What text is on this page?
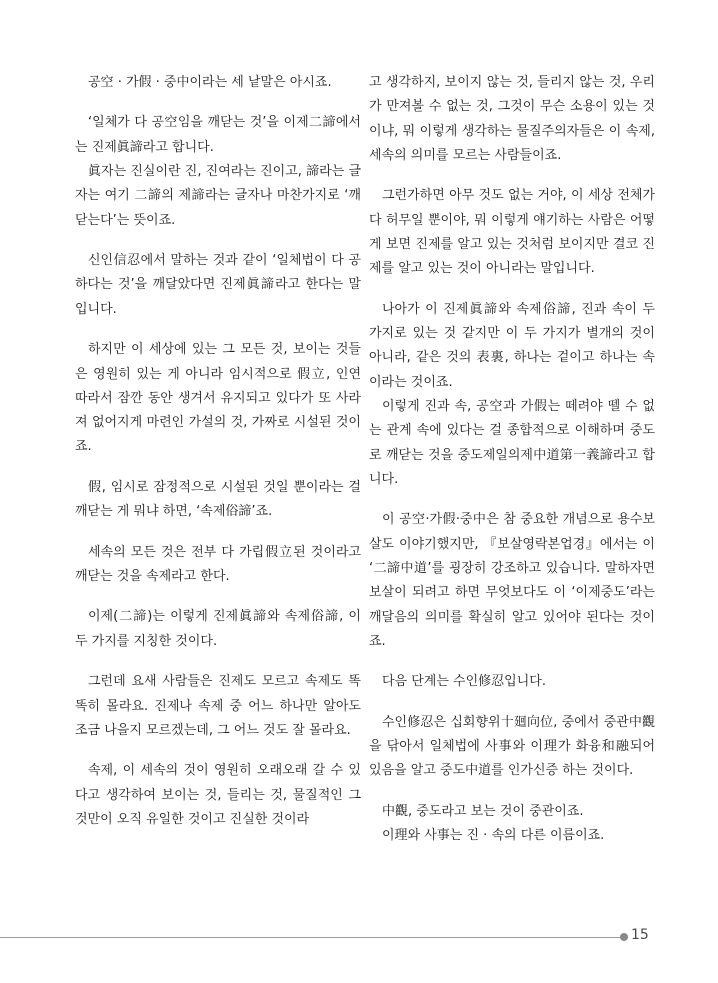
공空 · 가假 · 중中이라는 세 낱말은 아시죠.

‘일체가 다 공空임을 깨닫는 것’을 이제二諦에서는 진제眞諦라고 합니다.

眞자는 진실이란 진, 진여라는 진이고, 諦라는 글자는 여기 二諦의 제諦라는 글자나 마찬가지로 ‘깨닫는다’는 뜻이죠.

신인信忍에서 말하는 것과 같이 ‘일체법이 다 공하다는 것’을 깨달았다면 진제眞諦라고 한다는 말입니다.

하지만 이 세상에 있는 그 모든 것, 보이는 것들은 영원히 있는 게 아니라 임시적으로 假立, 인연 따라서 잠깐 동안 생겨서 유지되고 있다가 또 사라져 없어지게 마련인 가설의 것, 가짜로 시설된 것이죠.

假, 임시로 잠정적으로 시설된 것일 뿐이라는 걸 깨닫는 게 뭐냐 하면, ‘속제俗諦’죠.

세속의 모든 것은 전부 다 가립假立된 것이라고 깨닫는 것을 속제라고 한다.

이제(二諦)는 이렇게 진제眞諦와 속제俗諦, 이 두 가지를 지칭한 것이다.

그런데 요새 사람들은 진제도 모르고 속제도 똑똑히 몰라요. 진제나 속제 중 어느 하나만 알아도 조금 나을지 모르겠는데, 그 어느 것도 잘 몰라요.

속제, 이 세속의 것이 영원히 오래오래 갈 수 있다고 생각하여 보이는 것, 들리는 것, 물질적인 그것만이 오직 유일한 것이고 진실한 것이라

고 생각하지, 보이지 않는 것, 들리지 않는 것, 우리가 만져볼 수 없는 것, 그것이 무슨 소용이 있는 것이냐, 뭐 이렇게 생각하는 물질주의자들은 이 속제, 세속의 의미를 모르는 사람들이죠.

그런가하면 아무 것도 없는 거야, 이 세상 전체가 다 허무일 뿐이야, 뭐 이렇게 얘기하는 사람은 어떻게 보면 진제를 알고 있는 것처럼 보이지만 결코 진제를 알고 있는 것이 아니라는 말입니다.

나아가 이 진제眞諦와 속제俗諦, 진과 속이 두 가지로 있는 것 같지만 이 두 가지가 별개의 것이 아니라, 같은 것의 表裏, 하나는 겉이고 하나는 속이라는 것이죠.

이렇게 진과 속, 공空과 가假는 떼려야 뗄 수 없는 관계 속에 있다는 걸 종합적으로 이해하며 중도로 깨닫는 것을 중도제일의제中道第一義諦라고 합니다.

이 공空·가假·중中은 참 중요한 개념으로 용수보살도 이야기했지만, 『보살영락본업경』에서는 이 ‘二諦中道’를 굉장히 강조하고 있습니다. 말하자면 보살이 되려고 하면 무엇보다도 이 ‘이제중도’라는 깨달음의 의미를 확실히 알고 있어야 된다는 것이죠.

다음 단계는 수인修忍입니다.

수인修忍은 십회향위十廻向位, 중에서 중관中觀을 닦아서 일체법에 사事와 이理가 화융和融되어 있음을 알고 중도中道를 인가신증 하는 것이다.

中觀, 중도라고 보는 것이 중관이죠.

이理와 사事는 진 · 속의 다른 이름이죠.

15
